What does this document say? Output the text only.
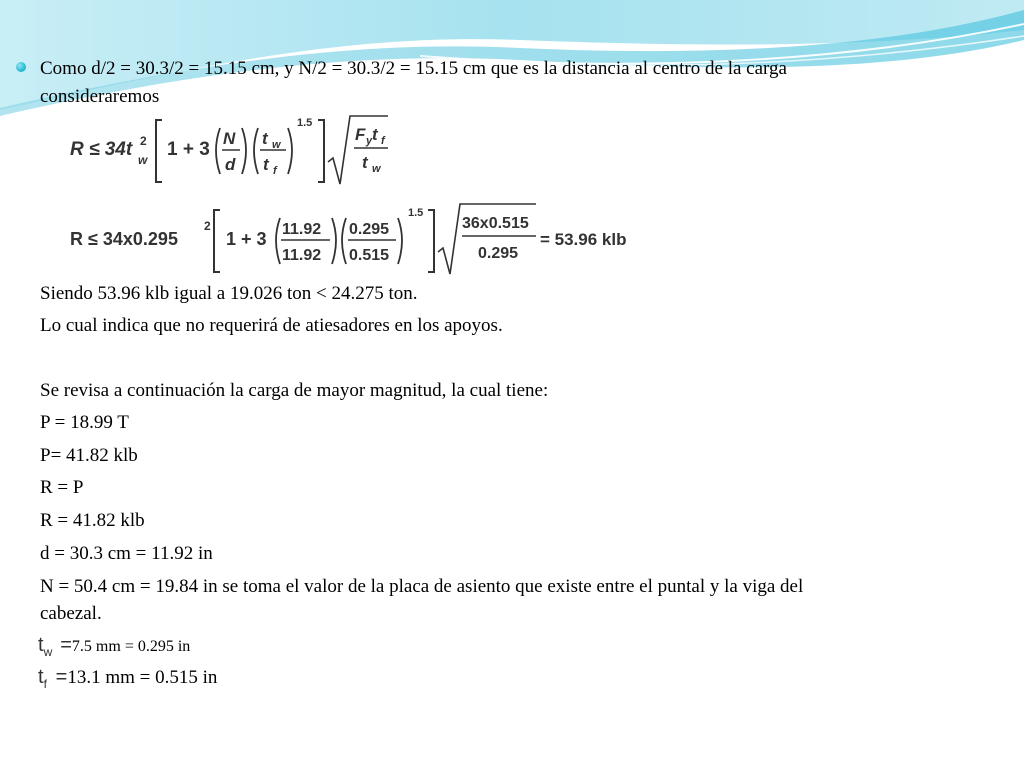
Como d/2 = 30.3/2 = 15.15 cm, y N/2 = 30.3/2 = 15.15 cm que es la distancia al centro de la carga
consideraremos
R ≤ 34t w
2 1 + 3
N
d
t w
t f
1.5
F y t f
t w
R ≤ 34x0.295
2
1 + 3 11.92
11.92
0.295
0.515
1.5
36x0.515
0.295
= 53.96 klb
Siendo 53.96 klb igual a 19.026 ton < 24.275 ton.
Lo cual indica que no requerirá de atiesadores en los apoyos.
Se revisa a continuación la carga de mayor magnitud, la cual tiene:
P = 18.99 T
P= 41.82 klb
R = P
R = 41.82 klb
d = 30.3 cm = 11.92 in
N = 50.4 cm = 19.84 in se toma el valor de la placa de asiento que existe entre el puntal y la viga del
cabezal.
$t_w =7.5$ mm = 0.295 in
$t_f =13.1$ mm = 0.515 in
